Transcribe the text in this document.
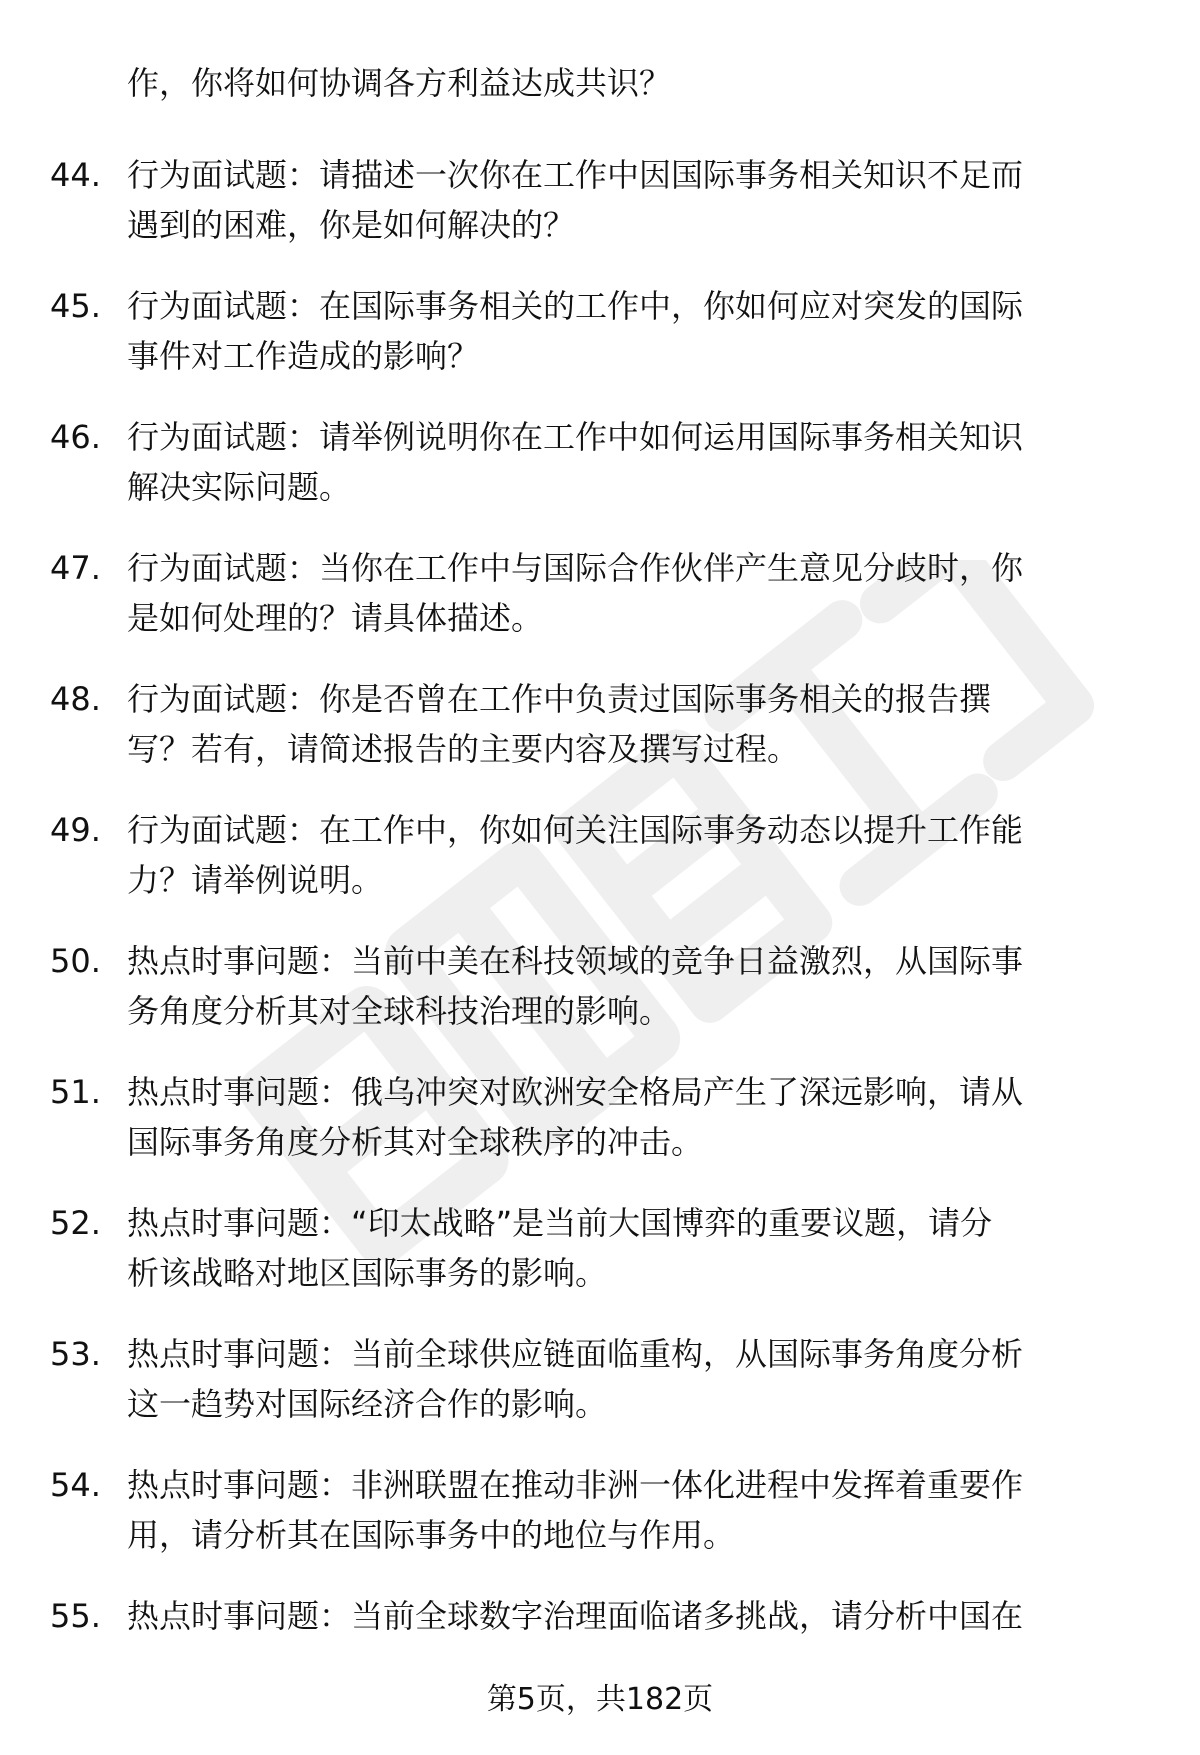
作，你将如何协调各方利益达成共识？
44. 行为面试题：请描述一次你在工作中因国际事务相关知识不足而
遇到的困难，你是如何解决的？
45. 行为面试题：在国际事务相关的工作中，你如何应对突发的国际
事件对工作造成的影响？
46. 行为面试题：请举例说明你在工作中如何运用国际事务相关知识
解决实际问题。
47. 行为面试题：当你在工作中与国际合作伙伴产生意见分歧时，你
是如何处理的？请具体描述。
48. 行为面试题：你是否曾在工作中负责过国际事务相关的报告撰
写？若有，请简述报告的主要内容及撰写过程。
49. 行为面试题：在工作中，你如何关注国际事务动态以提升工作能
力？请举例说明。
50. 热点时事问题：当前中美在科技领域的竞争日益激烈，从国际事
务角度分析其对全球科技治理的影响。
51. 热点时事问题：俄乌冲突对欧洲安全格局产生了深远影响，请从
国际事务角度分析其对全球秩序的冲击。
52. 热点时事问题：“印太战略”是当前大国博弈的重要议题，请分
析该战略对地区国际事务的影响。
53. 热点时事问题：当前全球供应链面临重构，从国际事务角度分析
这一趋势对国际经济合作的影响。
54. 热点时事问题：非洲联盟在推动非洲一体化进程中发挥着重要作
用，请分析其在国际事务中的地位与作用。
55. 热点时事问题：当前全球数字治理面临诸多挑战，请分析中国在
第5页，共182页
